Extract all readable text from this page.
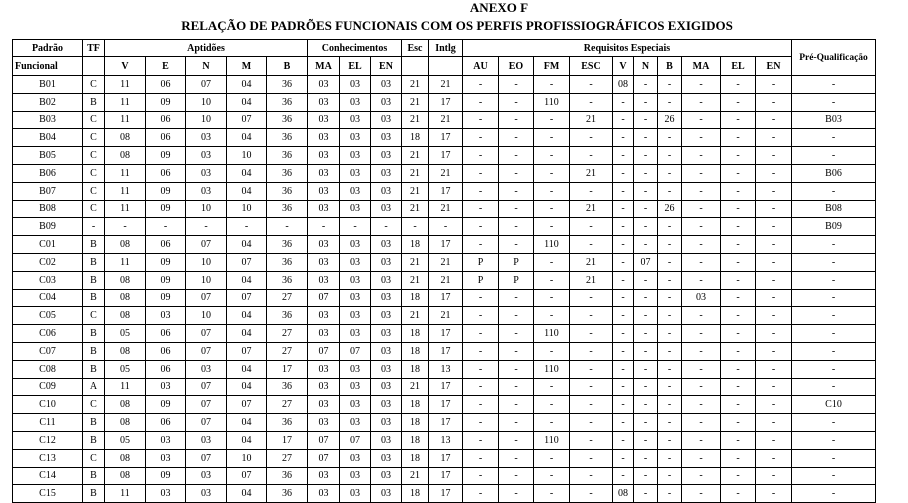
ANEXO F
RELAÇÃO DE PADRÕES FUNCIONAIS COM OS PERFIS PROFISSIOGRÁFICOS EXIGIDOS
Padrão	TF	Aptidões					Conhecimentos			Esc	Intlg	Requisitos Especiais										Pré-Qualificação
Funcional		V	E	N	M	B	MA	EL	EN			AU	EO	FM	ESC	V	N	B	MA	EL	EN	
B01	C	11	06	07	04	36	03	03	03	21	21	-	-	-	-	08	-	-	-	-	-	-
B02	B	11	09	10	04	36	03	03	03	21	17	-	-	110	-	-	-	-	-	-	-	-
B03	C	11	06	10	07	36	03	03	03	21	21	-	-	-	21	-	-	26	-	-	-	B03
B04	C	08	06	03	04	36	03	03	03	18	17	-	-	-	-	-	-	-	-	-	-	-
B05	C	08	09	03	10	36	03	03	03	21	17	-	-	-	-	-	-	-	-	-	-	-
B06	C	11	06	03	04	36	03	03	03	21	21	-	-	-	21	-	-	-	-	-	-	B06
B07	C	11	09	03	04	36	03	03	03	21	17	-	-	-	-	-	-	-	-	-	-	-
B08	C	11	09	10	10	36	03	03	03	21	21	-	-	-	21	-	-	26	-	-	-	B08
B09	-	-	-	-	-	-	-	-	-	-	-	-	-	-	-	-	-	-	-	-	-	B09
C01	B	08	06	07	04	36	03	03	03	18	17	-	-	110	-	-	-	-	-	-	-	-
C02	B	11	09	10	07	36	03	03	03	21	21	P	P	-	21	-	07	-	-	-	-	-
C03	B	08	09	10	04	36	03	03	03	21	21	P	P	-	21	-	-	-	-	-	-	-
C04	B	08	09	07	07	27	07	03	03	18	17	-	-	-	-	-	-	-	03	-	-	-
C05	C	08	03	10	04	36	03	03	03	21	21	-	-	-	-	-	-	-	-	-	-	-
C06	B	05	06	07	04	27	03	03	03	18	17	-	-	110	-	-	-	-	-	-	-	-
C07	B	08	06	07	07	27	07	07	03	18	17	-	-	-	-	-	-	-	-	-	-	-
C08	B	05	06	03	04	17	03	03	03	18	13	-	-	110	-	-	-	-	-	-	-	-
C09	A	11	03	07	04	36	03	03	03	21	17	-	-	-	-	-	-	-	-	-	-	-
C10	C	08	09	07	07	27	03	03	03	18	17	-	-	-	-	-	-	-	-	-	-	C10
C11	B	08	06	07	04	36	03	03	03	18	17	-	-	-	-	-	-	-	-	-	-	-
C12	B	05	03	03	04	17	07	07	03	18	13	-	-	110	-	-	-	-	-	-	-	-
C13	C	08	03	07	10	27	07	03	03	18	17	-	-	-	-	-	-	-	-	-	-	-
C14	B	08	09	03	07	36	03	03	03	21	17	-	-	-	-	-	-	-	-	-	-	-
C15	B	11	03	03	04	36	03	03	03	18	17	-	-	-	-	08	-	-	-	-	-	-
